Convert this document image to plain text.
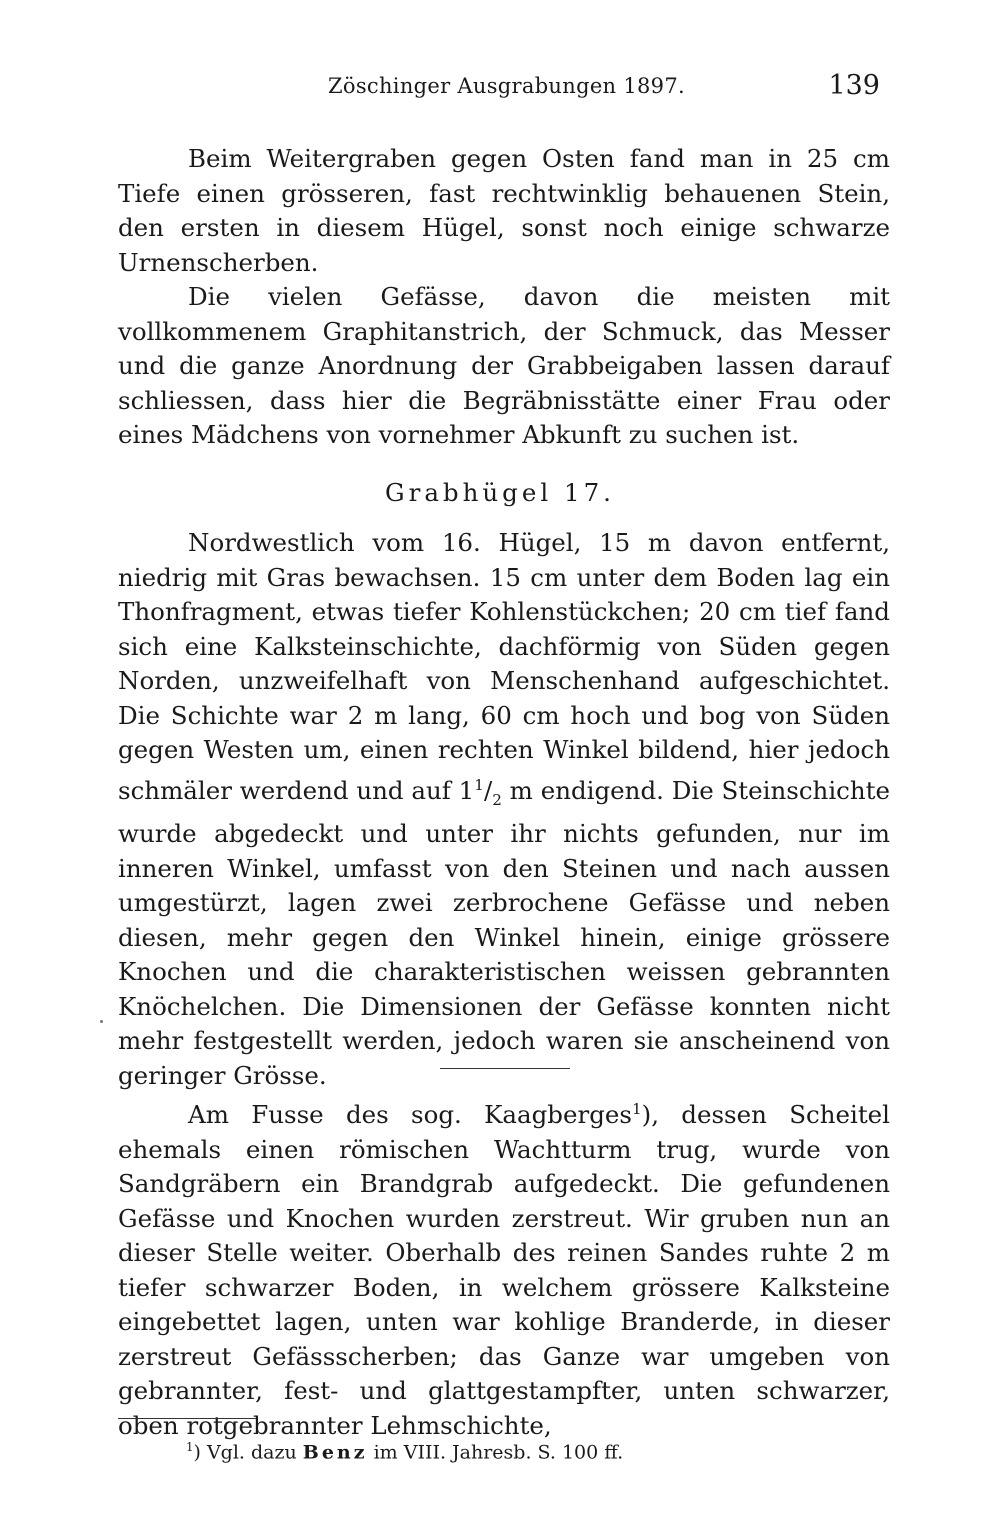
Zöschinger Ausgrabungen 1897.	139

Beim Weitergraben gegen Osten fand man in 25 cm Tiefe einen grösseren, fast rechtwinklig behauenen Stein, den ersten in diesem Hügel, sonst noch einige schwarze Urnenscherben.

Die vielen Gefässe, davon die meisten mit vollkommenem Graphitanstrich, der Schmuck, das Messer und die ganze Anordnung der Grabbeigaben lassen darauf schliessen, dass hier die Begräbnisstätte einer Frau oder eines Mädchens von vornehmer Abkunft zu suchen ist.

Grabhügel 17.

Nordwestlich vom 16. Hügel, 15 m davon entfernt, niedrig mit Gras bewachsen. 15 cm unter dem Boden lag ein Thonfragment, etwas tiefer Kohlenstückchen; 20 cm tief fand sich eine Kalksteinschichte, dachförmig von Süden gegen Norden, unzweifelhaft von Menschenhand aufgeschichtet. Die Schichte war 2 m lang, 60 cm hoch und bog von Süden gegen Westen um, einen rechten Winkel bildend, hier jedoch schmäler werdend und auf $1^1/_2$ m endigend. Die Steinschichte wurde abgedeckt und unter ihr nichts gefunden, nur im inneren Winkel, umfasst von den Steinen und nach aussen umgestürzt, lagen zwei zerbrochene Gefässe und neben diesen, mehr gegen den Winkel hinein, einige grössere Knochen und die charakteristischen weissen gebrannten Knöchelchen. Die Dimensionen der Gefässe konnten nicht mehr festgestellt werden, jedoch waren sie anscheinend von geringer Grösse.

Am Fusse des sog. Kaagberges$^1$), dessen Scheitel ehemals einen römischen Wachtturm trug, wurde von Sandgräbern ein Brandgrab aufgedeckt. Die gefundenen Gefässe und Knochen wurden zerstreut. Wir gruben nun an dieser Stelle weiter. Oberhalb des reinen Sandes ruhte 2 m tiefer schwarzer Boden, in welchem grössere Kalksteine eingebettet lagen, unten war kohlige Branderde, in dieser zerstreut Gefässscherben; das Ganze war umgeben von gebrannter, fest- und glattgestampfter, unten schwarzer, oben rotgebrannter Lehmschichte,

$^1$) Vgl. dazu Benz im VIII. Jahresb. S. 100 ff.
